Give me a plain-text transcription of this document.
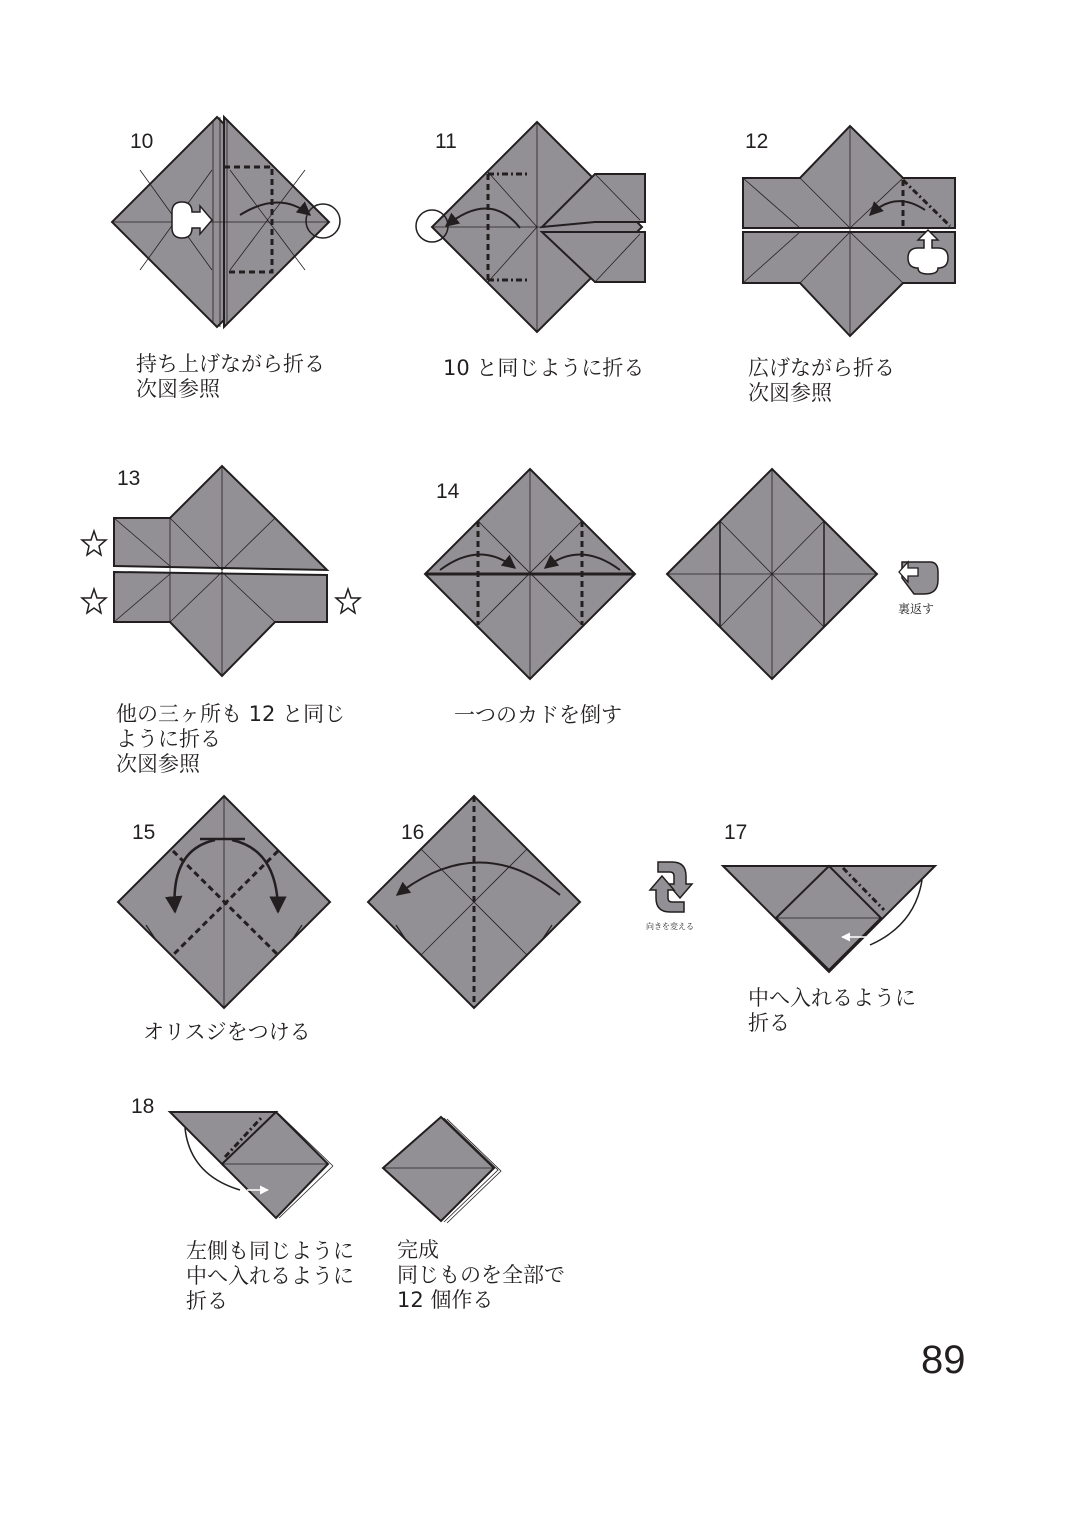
10	11	12
13
14
15	16	17
18
持ち上げながら折る
次図参照
10 と同じように折る	広げながら折る
次図参照
他の三ヶ所も 12 と同じ
ように折る
次図参照
一つのカドを倒す
オリスジをつける
中へ入れるように
折る
左側も同じように
中へ入れるように
折る
完成
同じものを全部で
12 個作る
裏返す
向きを変える
89
